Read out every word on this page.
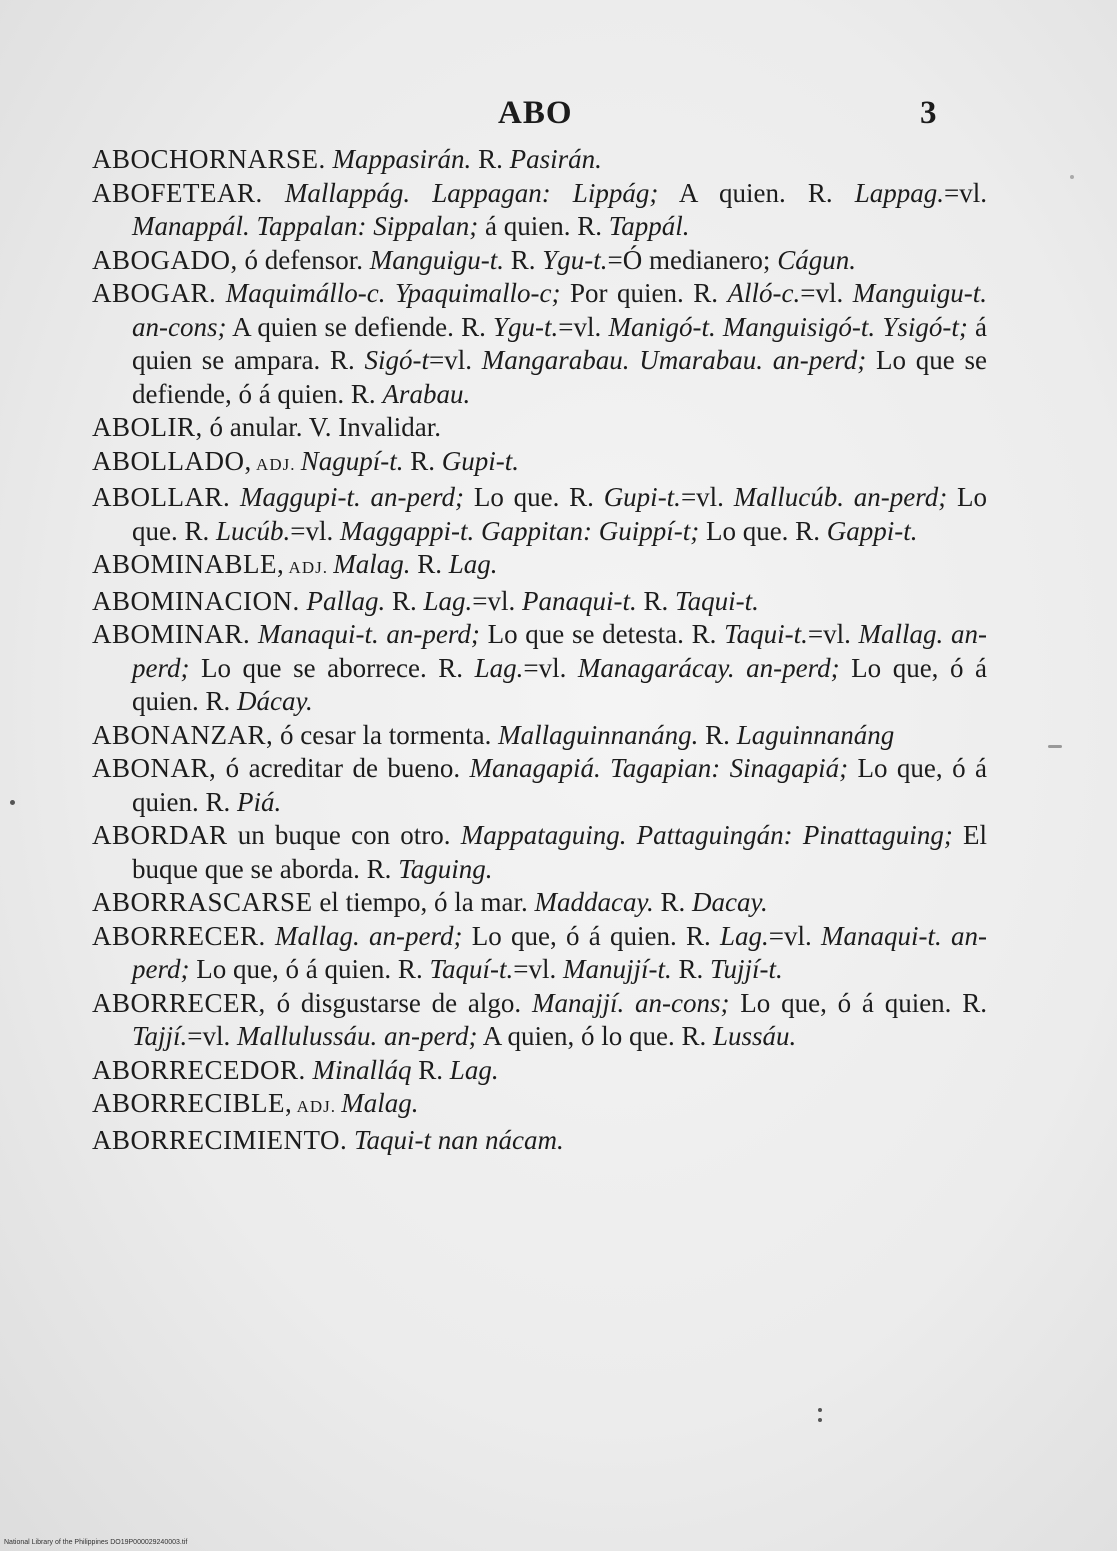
ABO	3

ABOCHORNARSE. Mappasirán. R. Pasirán.

ABOFETEAR. Mallappág. Lappagan: Lippág; A quien. R. Lappag.=vl. Manappál. Tappalan: Sippalan; á quien. R. Tappál.

ABOGADO, ó defensor. Manguigu-t. R. Ygu-t.=Ó medianero; Cágun.

ABOGAR. Maquimállo-c. Ypaquimallo-c; Por quien. R. Alló-c.=vl. Manguigu-t. an-cons; A quien se defiende. R. Ygu-t.=vl. Manigó-t. Manguisigó-t. Ysigó-t; á quien se ampara. R. Sigó-t=vl. Mangarabau. Umarabau. an-perd; Lo que se defiende, ó á quien. R. Arabau.

ABOLIR, ó anular. V. Invalidar.

ABOLLADO, ADJ. Nagupí-t. R. Gupi-t.

ABOLLAR. Maggupi-t. an-perd; Lo que. R. Gupi-t.=vl. Mallucúb. an-perd; Lo que. R. Lucúb.=vl. Maggappi-t. Gappitan: Guippí-t; Lo que. R. Gappi-t.

ABOMINABLE, ADJ. Malag. R. Lag.

ABOMINACION. Pallag. R. Lag.=vl. Panaqui-t. R. Taqui-t.

ABOMINAR. Manaqui-t. an-perd; Lo que se detesta. R. Taqui-t.=vl. Mallag. an-perd; Lo que se aborrece. R. Lag.=vl. Managarácay. an-perd; Lo que, ó á quien. R. Dácay.

ABONANZAR, ó cesar la tormenta. Mallaguinnanáng. R. Laguinnanáng

ABONAR, ó acreditar de bueno. Managapiá. Tagapian: Sinagapiá; Lo que, ó á quien. R. Piá.

ABORDAR un buque con otro. Mappataguing. Pattaguingán: Pinattaguing; El buque que se aborda. R. Taguing.

ABORRASCARSE el tiempo, ó la mar. Maddacay. R. Dacay.

ABORRECER. Mallag. an-perd; Lo que, ó á quien. R. Lag.=vl. Manaqui-t. an-perd; Lo que, ó á quien. R. Taquí-t.=vl. Manujjí-t. R. Tujjí-t.

ABORRECER, ó disgustarse de algo. Manajjí. an-cons; Lo que, ó á quien. R. Tajjí.=vl. Mallulussáu. an-perd; A quien, ó lo que. R. Lussáu.

ABORRECEDOR. Minalláq R. Lag.

ABORRECIBLE, ADJ. Malag.

ABORRECIMIENTO. Taqui-t nan nácam.

National Library of the Philippines DO19P000029240003.tif
